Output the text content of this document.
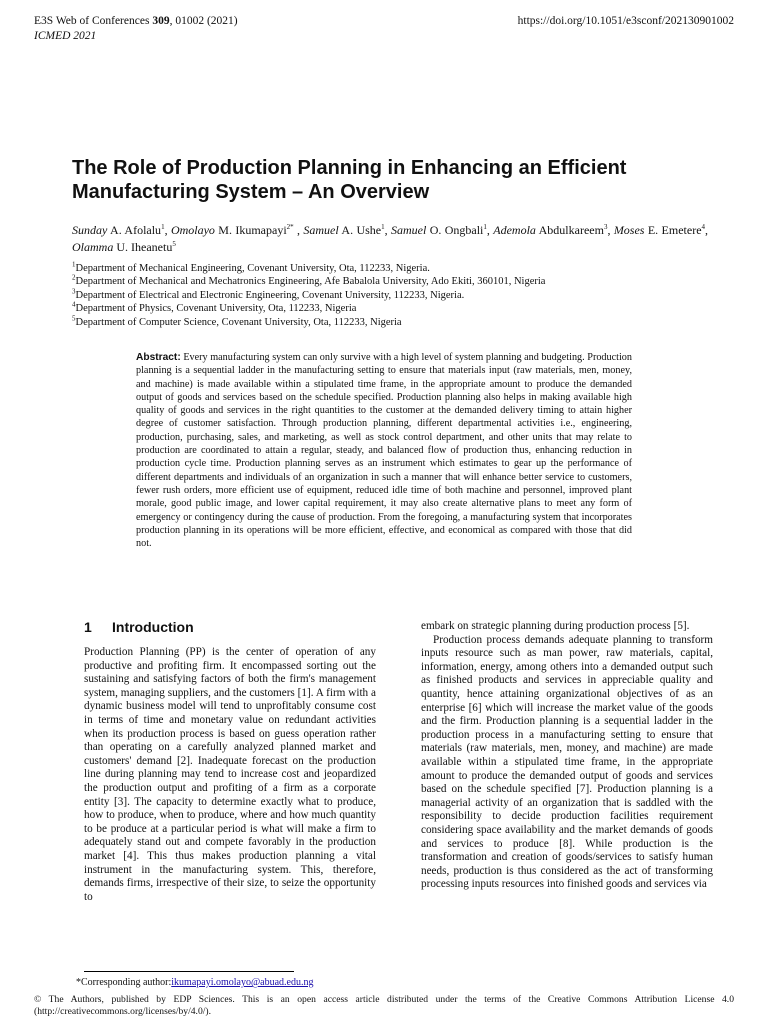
E3S Web of Conferences 309, 01002 (2021)	https://doi.org/10.1051/e3sconf/202130901002
ICMED 2021
The Role of Production Planning in Enhancing an Efficient Manufacturing System – An Overview
Sunday A. Afolalu$^1$, Omolayo M. Ikumapayi$^{2*}$ , Samuel A. Ushe$^1$, Samuel O. Ongbali$^1$, Ademola Abdulkareem$^3$, Moses E. Emetere$^4$, Olamma U. Iheanetu$^5$
$^1$Department of Mechanical Engineering, Covenant University, Ota, 112233, Nigeria.
$^2$Department of Mechanical and Mechatronics Engineering, Afe Babalola University, Ado Ekiti, 360101, Nigeria
$^3$Department of Electrical and Electronic Engineering, Covenant University, 112233, Nigeria.
$^4$Department of Physics, Covenant University, Ota, 112233, Nigeria
$^5$Department of Computer Science, Covenant University, Ota, 112233, Nigeria
Abstract: Every manufacturing system can only survive with a high level of system planning and budgeting. Production planning is a sequential ladder in the manufacturing setting to ensure that materials input (raw materials, men, money, and machine) is made available within a stipulated time frame, in the appropriate amount to produce the demanded output of goods and services based on the schedule specified. Production planning also helps in making available high quality of goods and services in the right quantities to the customer at the demanded delivery timing to attain higher degree of customer satisfaction. Through production planning, different departmental activities i.e., engineering, production, purchasing, sales, and marketing, as well as stock control department, and other units that may relate to production are coordinated to attain a regular, steady, and balanced flow of production thus, enhancing reduction in production cycle time. Production planning serves as an instrument which estimates to gear up the performance of different departments and individuals of an organization in such a manner that will enhance better service to customers, fewer rush orders, more efficient use of equipment, reduced idle time of both machine and personnel, improved plant morale, good public image, and lower capital requirement, it may also create alternative plans to meet any form of emergency or contingency during the cause of production. From the foregoing, a manufacturing system that incorporates production planning in its operations will be more efficient, effective, and economical as compared with those that did not.
1 Introduction

Production Planning (PP) is the center of operation of any productive and profiting firm. It encompassed sorting out the sustaining and satisfying factors of both the firm's management system, managing suppliers, and the customers [1]. A firm with a dynamic business model will tend to unprofitably consume cost in terms of time and monetary value on redundant activities when its production process is based on guess operation rather than operating on a carefully analyzed planned market and customers' demand [2]. Inadequate forecast on the production line during planning may tend to increase cost and jeopardized the production output and profiting of a firm as a corporate entity [3]. The capacity to determine exactly what to produce, how to produce, when to produce, where and how much quantity to be produce at a particular period is what will make a firm to adequately stand out and compete favorably in the production market [4]. This thus makes production planning a vital instrument in the manufacturing system. This, therefore, demands firms, irrespective of their size, to seize the opportunity to

embark on strategic planning during production process [5].

Production process demands adequate planning to transform inputs resource such as man power, raw materials, capital, information, energy, among others into a demanded output such as finished products and services in appreciable quality and quantity, hence attaining organizational objectives of as an enterprise [6] which will increase the market value of the goods and the firm. Production planning is a sequential ladder in the production process in a manufacturing setting to ensure that materials (raw materials, men, money, and machine) are made available within a stipulated time frame, in the appropriate amount to produce the demanded output of goods and services based on the schedule specified [7]. Production planning is a managerial activity of an organization that is saddled with the responsibility to decide production facilities requirement considering space availability and the market demands of goods and services to produce [8]. While production is the transformation and creation of goods/services to satisfy human needs, production is thus considered as the act of transforming processing inputs resources into finished goods and services via

*Corresponding author:ikumapayi.omolayo@abuad.edu.ng
© The Authors, published by EDP Sciences. This is an open access article distributed under the terms of the Creative Commons Attribution License 4.0 (http://creativecommons.org/licenses/by/4.0/).
